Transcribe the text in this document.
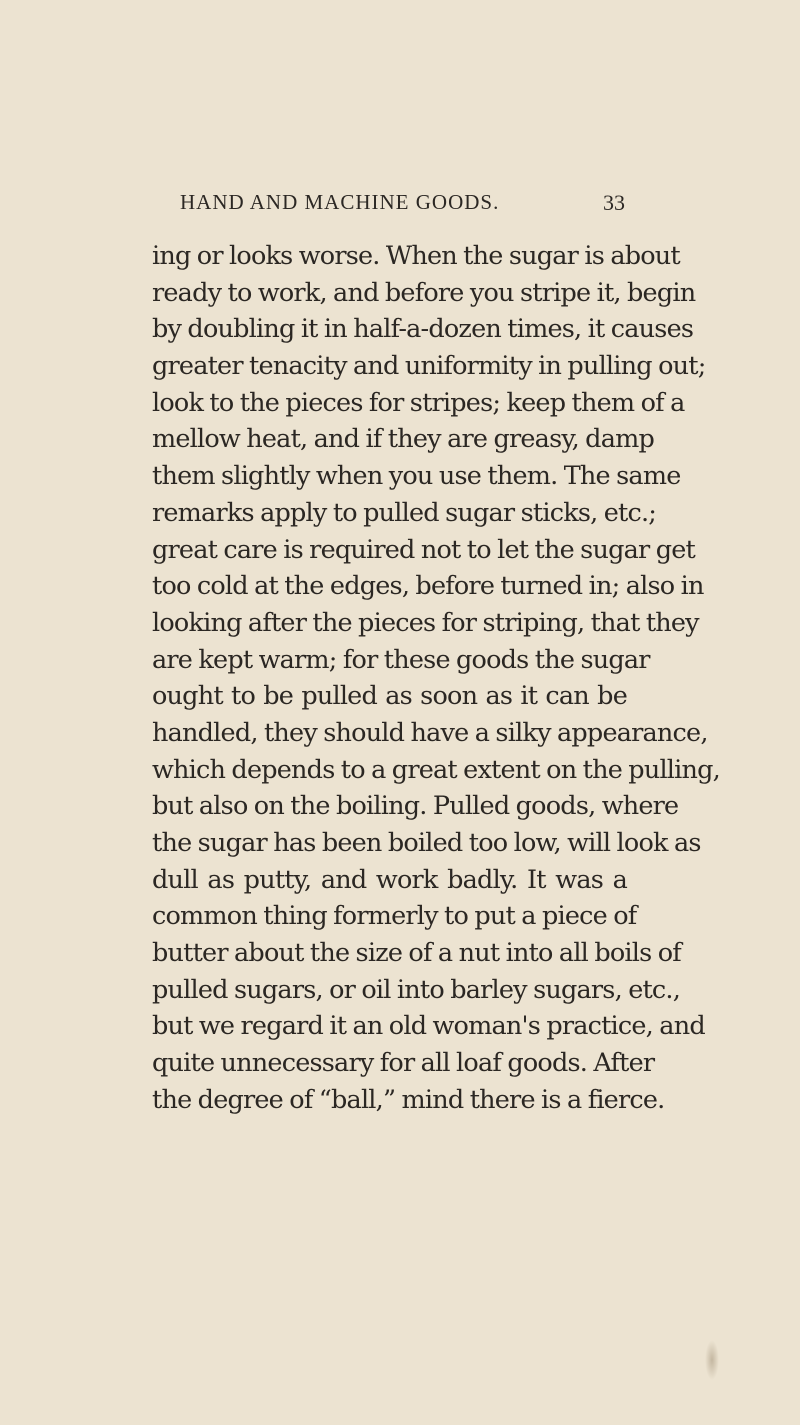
HAND AND MACHINE GOODS.	33
ing or looks worse. When the sugar is about
ready to work, and before you stripe it, begin
by doubling it in half-a-dozen times, it causes
greater tenacity and uniformity in pulling out;
look to the pieces for stripes; keep them of a
mellow heat, and if they are greasy, damp
them slightly when you use them. The same
remarks apply to pulled sugar sticks, etc.;
great care is required not to let the sugar get
too cold at the edges, before turned in; also in
looking after the pieces for striping, that they
are kept warm; for these goods the sugar
ought to be pulled as soon as it can be
handled, they should have a silky appearance,
which depends to a great extent on the pulling,
but also on the boiling. Pulled goods, where
the sugar has been boiled too low, will look as
dull as putty, and work badly. It was a
common thing formerly to put a piece of
butter about the size of a nut into all boils of
pulled sugars, or oil into barley sugars, etc.,
but we regard it an old woman's practice, and
quite unnecessary for all loaf goods. After
the degree of “ball,” mind there is a fierce.
